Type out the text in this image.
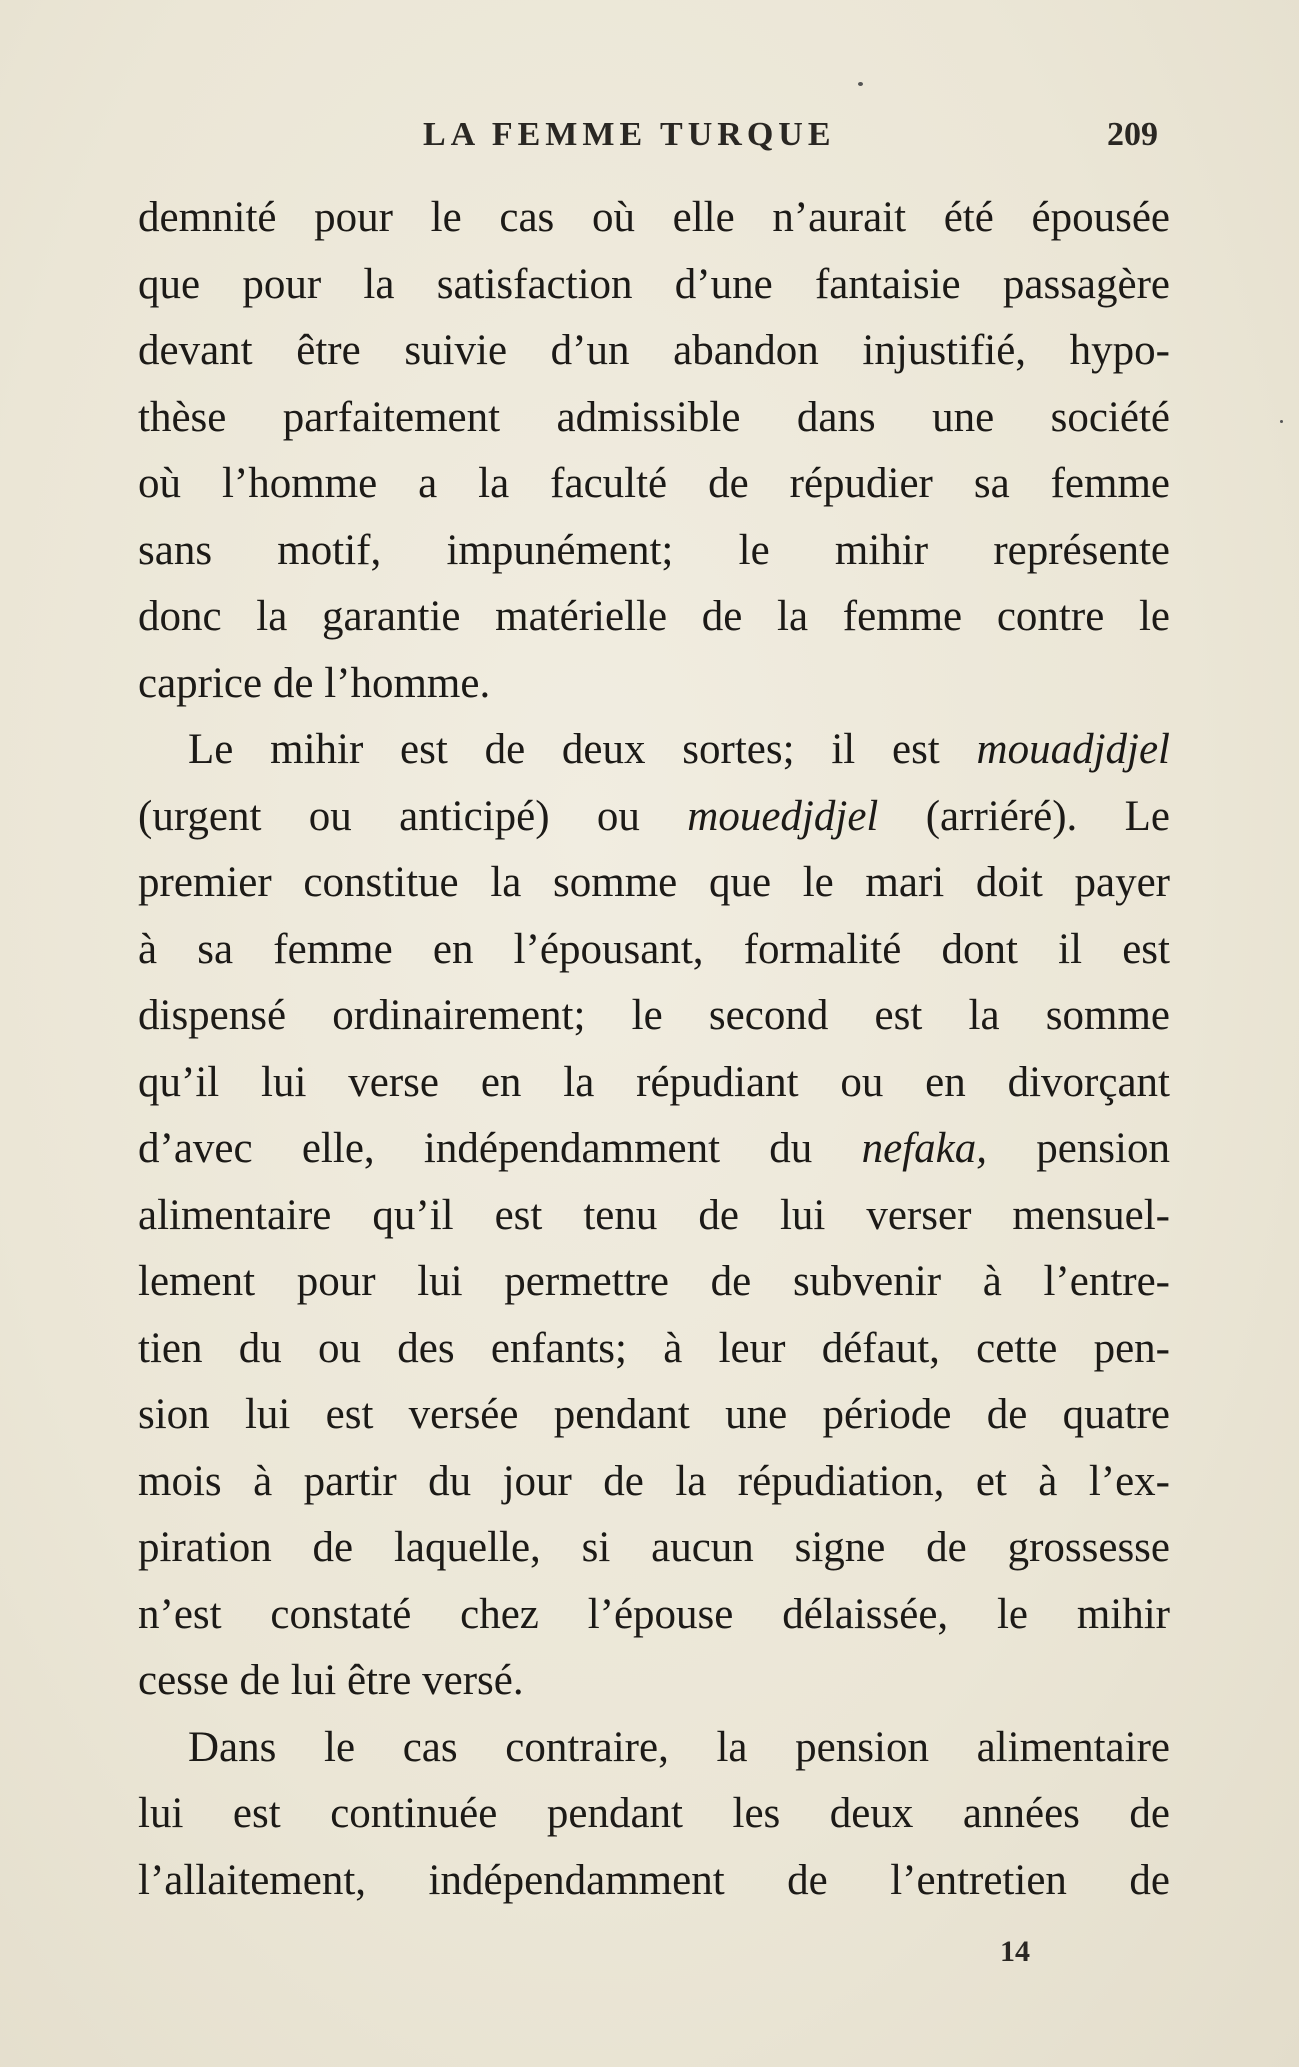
LA FEMME TURQUE	209
demnité pour le cas où elle n’aurait été épousée
que pour la satisfaction d’une fantaisie passagère
devant être suivie d’un abandon injustifié, hypo-
thèse parfaitement admissible dans une société
où l’homme a la faculté de répudier sa femme
sans motif, impunément; le mihir représente
donc la garantie matérielle de la femme contre le
caprice de l’homme.
Le mihir est de deux sortes; il est mouadjdjel
(urgent ou anticipé) ou mouedjdjel (arriéré). Le
premier constitue la somme que le mari doit payer
à sa femme en l’épousant, formalité dont il est
dispensé ordinairement; le second est la somme
qu’il lui verse en la répudiant ou en divorçant
d’avec elle, indépendamment du nefaka, pension
alimentaire qu’il est tenu de lui verser mensuel-
lement pour lui permettre de subvenir à l’entre-
tien du ou des enfants; à leur défaut, cette pen-
sion lui est versée pendant une période de quatre
mois à partir du jour de la répudiation, et à l’ex-
piration de laquelle, si aucun signe de grossesse
n’est constaté chez l’épouse délaissée, le mihir
cesse de lui être versé.
Dans le cas contraire, la pension alimentaire
lui est continuée pendant les deux années de
l’allaitement, indépendamment de l’entretien de
14
